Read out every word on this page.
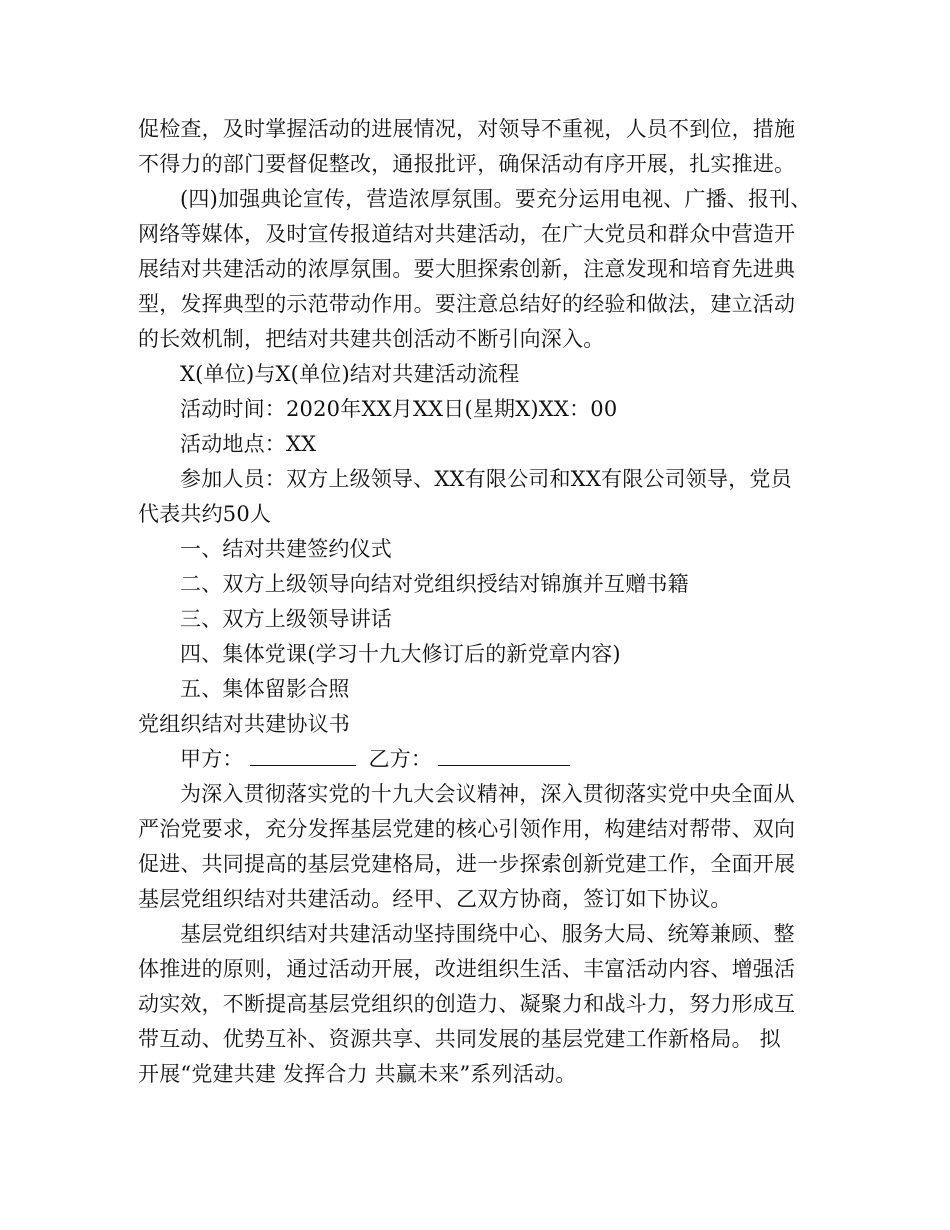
促检查，及时掌握活动的进展情况，对领导不重视，人员不到位，措施
不得力的部门要督促整改，通报批评，确保活动有序开展，扎实推进。
(四)加强典论宣传，营造浓厚氛围。要充分运用电视、广播、报刊、
网络等媒体，及时宣传报道结对共建活动，在广大党员和群众中营造开
展结对共建活动的浓厚氛围。要大胆探索创新，注意发现和培育先进典
型，发挥典型的示范带动作用。要注意总结好的经验和做法，建立活动
的长效机制，把结对共建共创活动不断引向深入。
X(单位)与X(单位)结对共建活动流程
活动时间：2020年XX月XX日(星期X)XX：00
活动地点：XX
参加人员：双方上级领导、XX有限公司和XX有限公司领导，党员
代表共约50人
一、结对共建签约仪式
二、双方上级领导向结对党组织授结对锦旗并互赠书籍
三、双方上级领导讲话
四、集体党课(学习十九大修订后的新党章内容)
五、集体留影合照
党组织结对共建协议书
甲方：	乙方：
为深入贯彻落实党的十九大会议精神，深入贯彻落实党中央全面从
严治党要求，充分发挥基层党建的核心引领作用，构建结对帮带、双向
促进、共同提高的基层党建格局，进一步探索创新党建工作，全面开展
基层党组织结对共建活动。经甲、乙双方协商，签订如下协议。
基层党组织结对共建活动坚持围绕中心、服务大局、统筹兼顾、整
体推进的原则，通过活动开展，改进组织生活、丰富活动内容、增强活
动实效，不断提高基层党组织的创造力、凝聚力和战斗力，努力形成互
带互动、优势互补、资源共享、共同发展的基层党建工作新格局。 拟
开展“党建共建 发挥合力 共赢未来”系列活动。
